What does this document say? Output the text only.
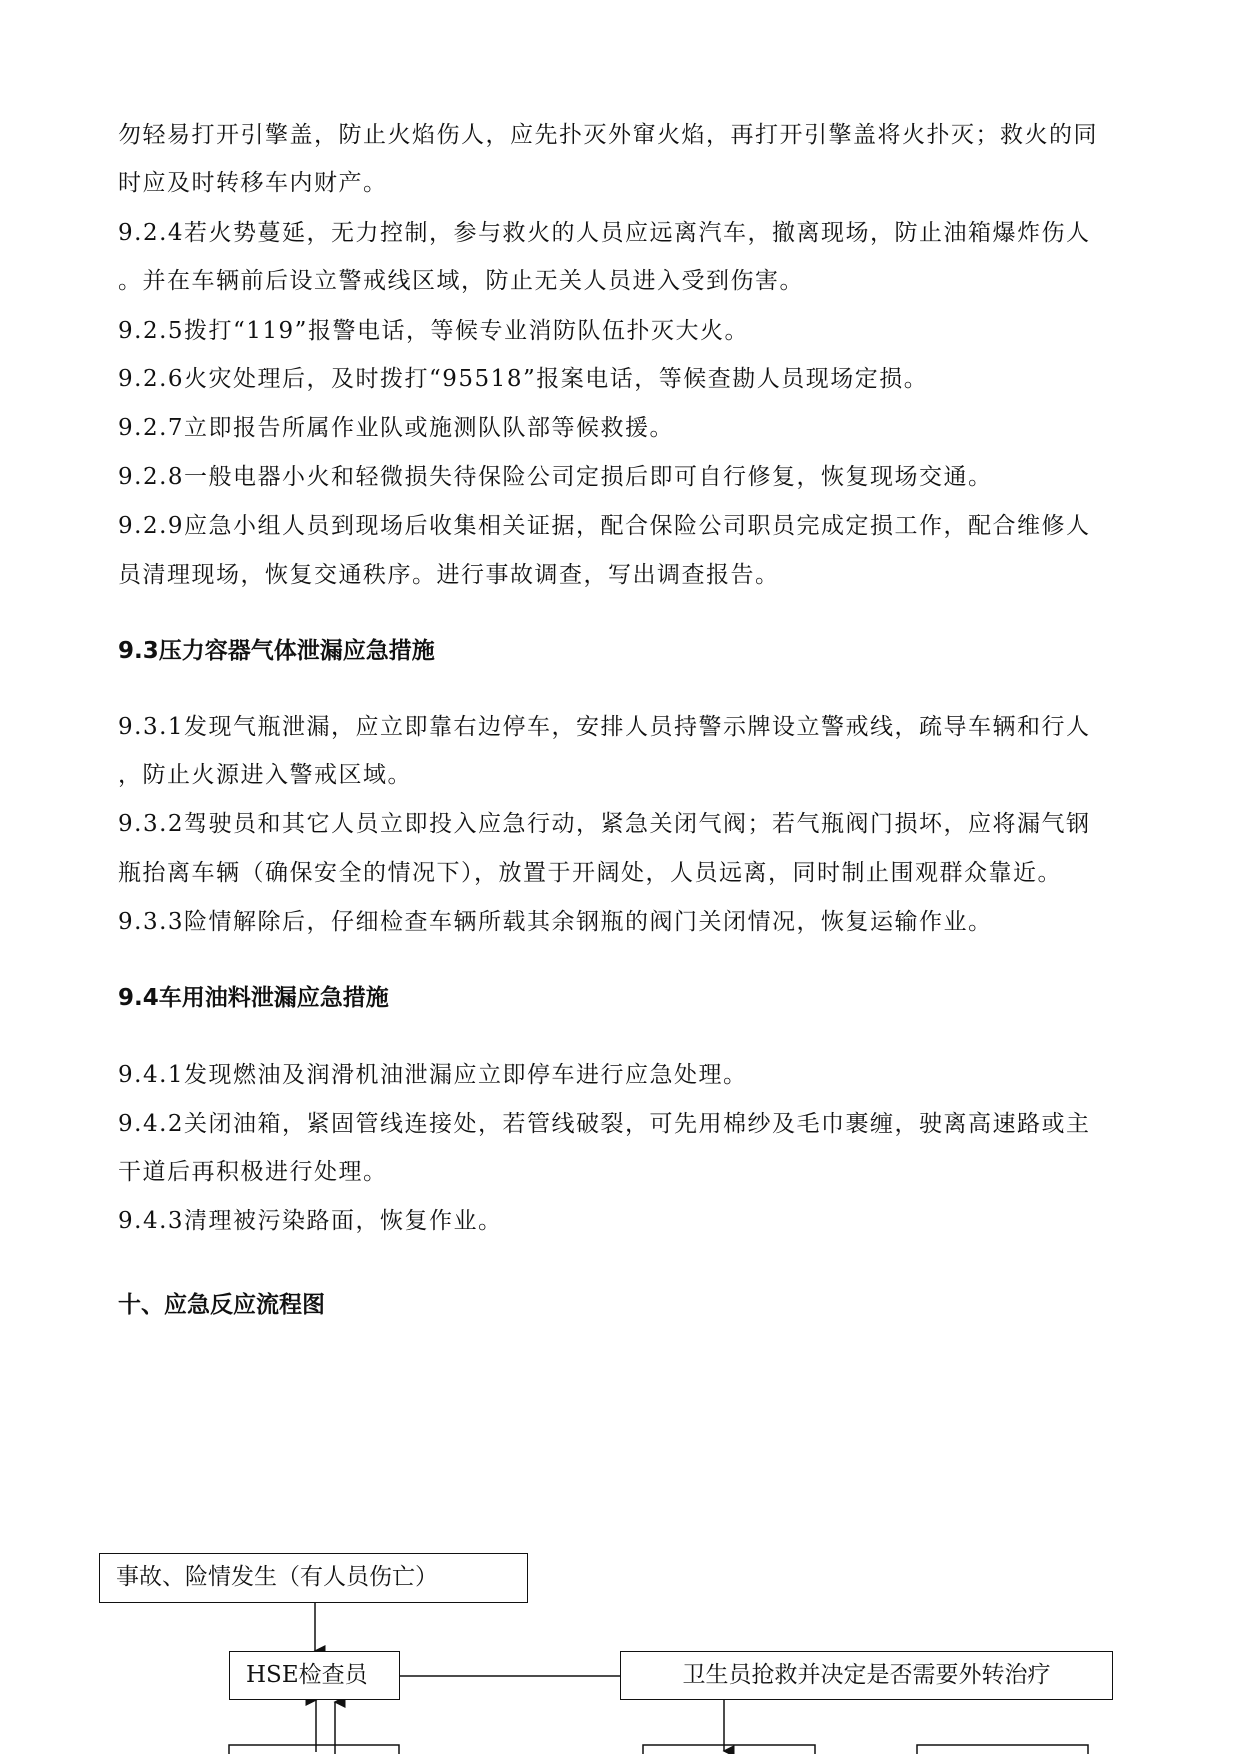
勿轻易打开引擎盖，防止火焰伤人，应先扑灭外窜火焰，再打开引擎盖将火扑灭；救火的同
时应及时转移车内财产。
9.2.4若火势蔓延，无力控制，参与救火的人员应远离汽车，撤离现场，防止油箱爆炸伤人
。并在车辆前后设立警戒线区域，防止无关人员进入受到伤害。
9.2.5拨打“119”报警电话，等候专业消防队伍扑灭大火。
9.2.6火灾处理后，及时拨打“95518”报案电话，等候查勘人员现场定损。
9.2.7立即报告所属作业队或施测队队部等候救援。
9.2.8一般电器小火和轻微损失待保险公司定损后即可自行修复，恢复现场交通。
9.2.9应急小组人员到现场后收集相关证据，配合保险公司职员完成定损工作，配合维修人
员清理现场，恢复交通秩序。进行事故调查，写出调查报告。
9.3压力容器气体泄漏应急措施
9.3.1发现气瓶泄漏，应立即靠右边停车，安排人员持警示牌设立警戒线，疏导车辆和行人
，防止火源进入警戒区域。
9.3.2驾驶员和其它人员立即投入应急行动，紧急关闭气阀；若气瓶阀门损坏，应将漏气钢
瓶抬离车辆（确保安全的情况下），放置于开阔处，人员远离，同时制止围观群众靠近。
9.3.3险情解除后，仔细检查车辆所载其余钢瓶的阀门关闭情况，恢复运输作业。
9.4车用油料泄漏应急措施
9.4.1发现燃油及润滑机油泄漏应立即停车进行应急处理。
9.4.2关闭油箱，紧固管线连接处，若管线破裂，可先用棉纱及毛巾裹缠，驶离高速路或主
干道后再积极进行处理。
9.4.3清理被污染路面，恢复作业。
十、应急反应流程图
事故、险情发生（有人员伤亡）
HSE检查员	卫生员抢救并决定是否需要外转治疗
